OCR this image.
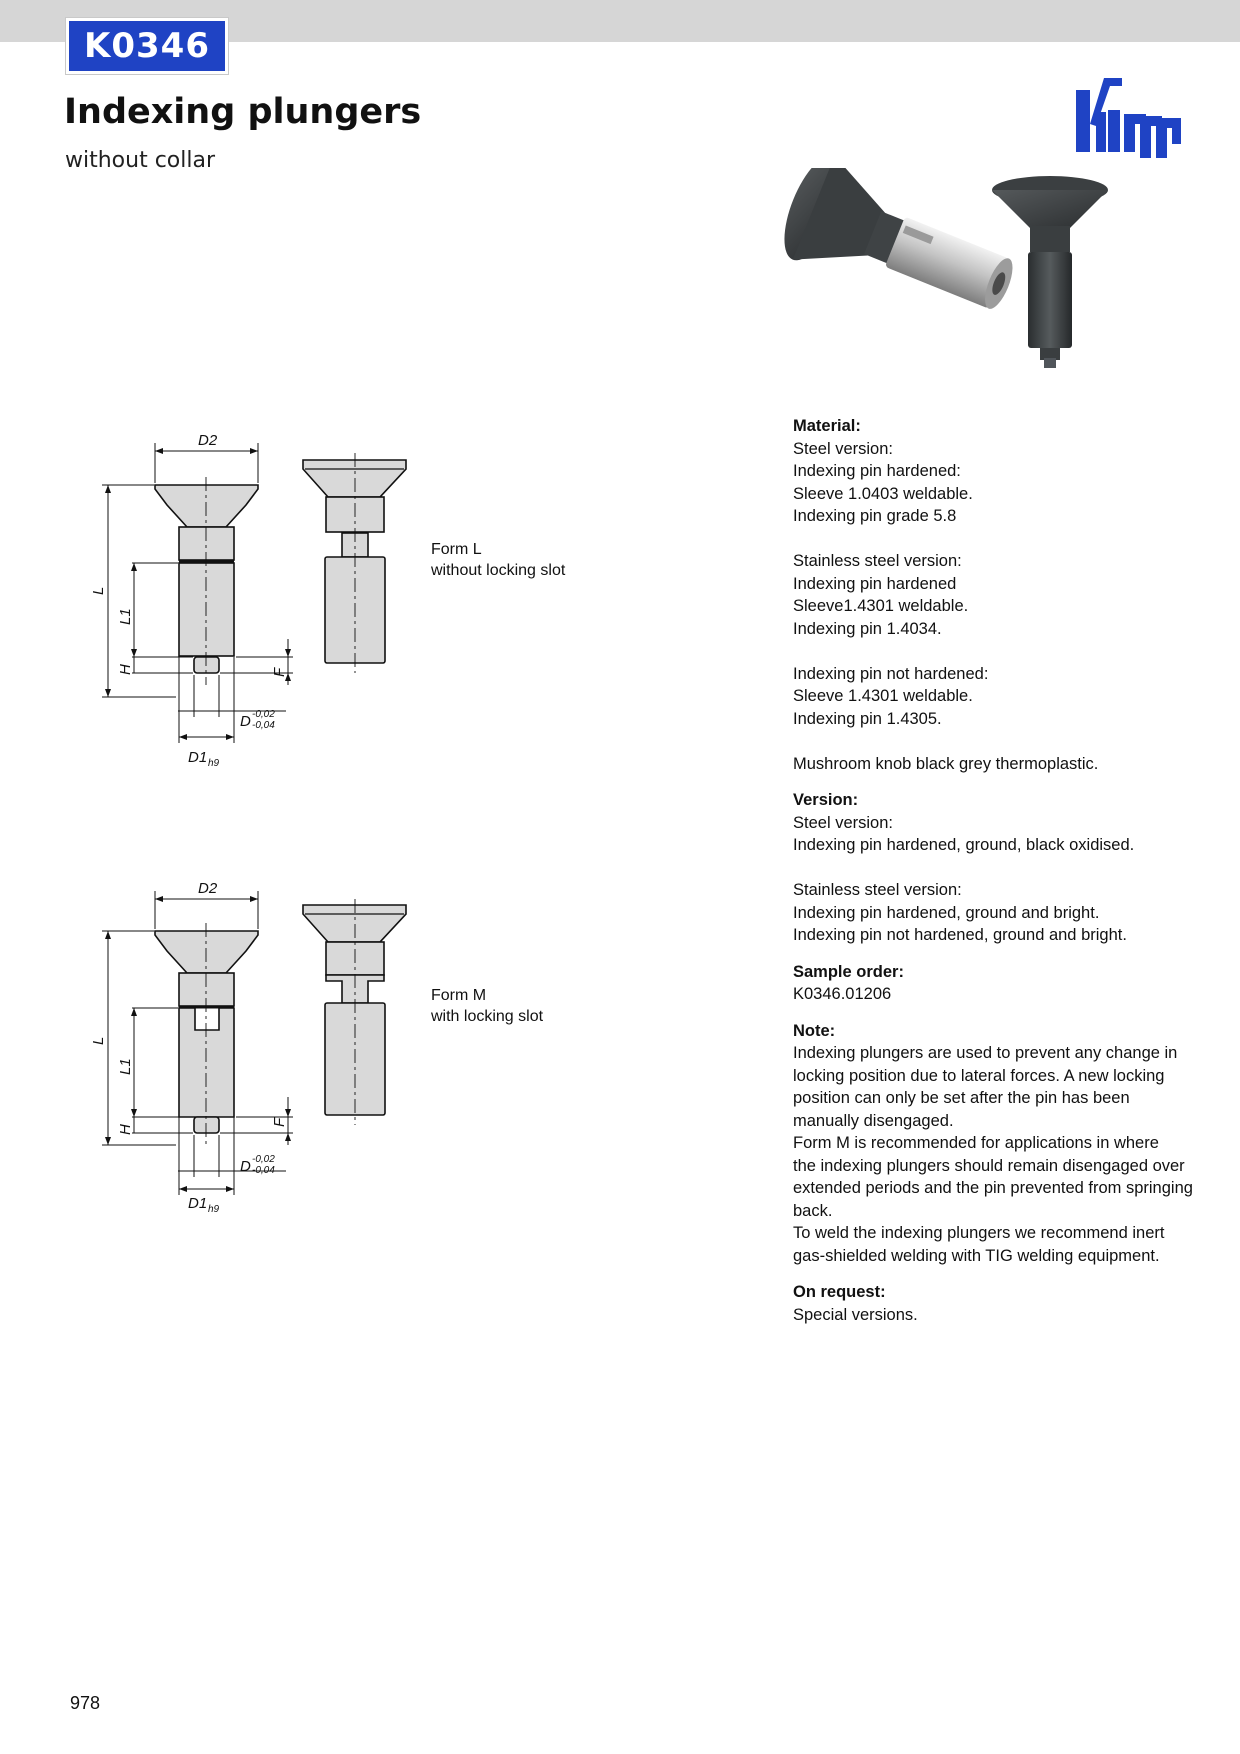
K0346
Indexing plungers
without collar
D2
L
L1
H	F
D
D1
-0,02
-0,04
h9
Form L
without locking slot
D2
L
L1
H
F
D
D1
-0,02
-0,04
h9
Form M
with locking slot
Material:
Steel version:
Indexing pin hardened:
Sleeve 1.0403 weldable.
Indexing pin grade 5.8
Stainless steel version:
Indexing pin hardened
Sleeve1.4301 weldable.
Indexing pin 1.4034.
Indexing pin not hardened:
Sleeve 1.4301 weldable.
Indexing pin 1.4305.
Mushroom knob black grey thermoplastic.
Version:
Steel version:
Indexing pin hardened, ground, black oxidised.
Stainless steel version:
Indexing pin hardened, ground and bright.
Indexing pin not hardened, ground and bright.
Sample order:
K0346.01206
Note:
Indexing plungers are used to prevent any change in
locking position due to lateral forces. A new locking
position can only be set after the pin has been
manually disengaged.
Form M is recommended for applications in where
the indexing plungers should remain disengaged over
extended periods and the pin prevented from springing
back.
To weld the indexing plungers we recommend inert
gas-shielded welding with TIG welding equipment.
On request:
Special versions.
978
